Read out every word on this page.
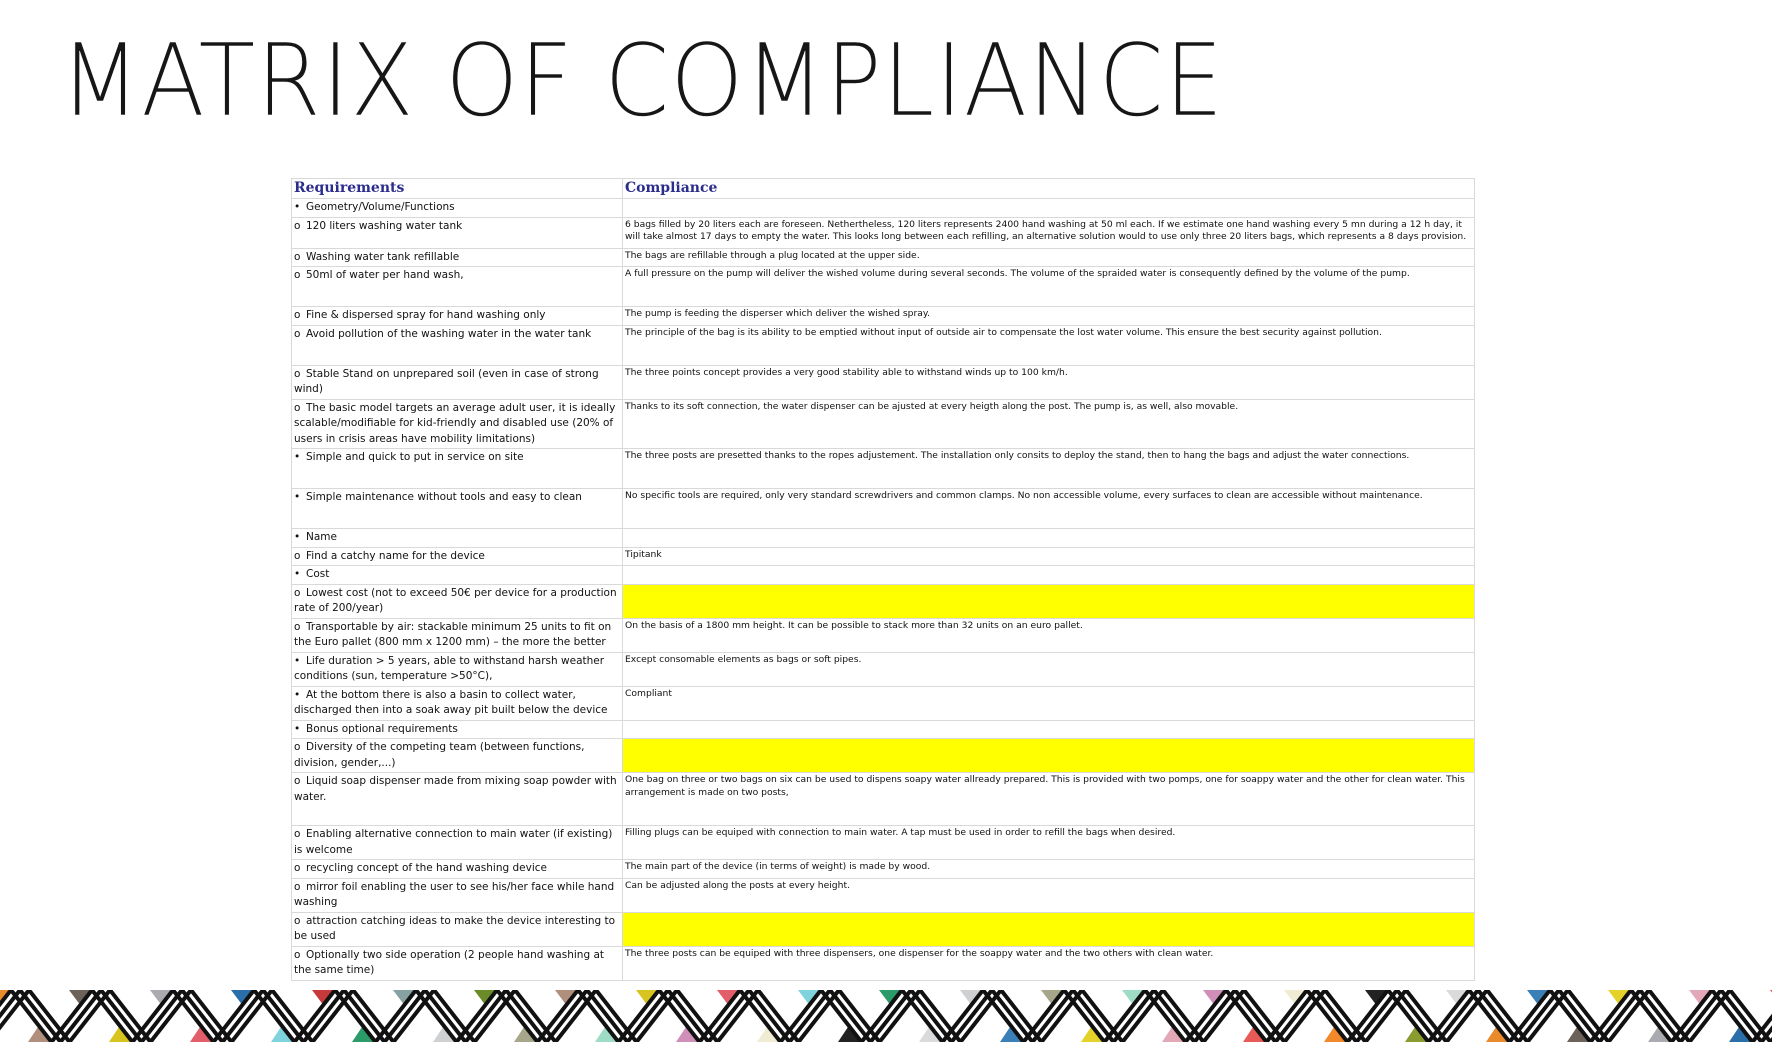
MATRIX OF COMPLIANCE
Requirements	Compliance
• Geometry/Volume/Functions	
o 120 liters washing water tank	6 bags filled by 20 liters each are foreseen. Nethertheless, 120 liters represents 2400 hand washing at 50 ml each. If we estimate one hand washing every 5 mn during a 12 h day, it will take almost 17 days to empty the water. This looks long between each refilling, an alternative solution would to use only three 20 liters bags, which represents a 8 days provision.
o Washing water tank refillable	The bags are refillable through a plug located at the upper side.
o 50ml of water per hand wash,	A full pressure on the pump will deliver the wished volume during several seconds. The volume of the spraided water is consequently defined by the volume of the pump.
o Fine & dispersed spray for hand washing only	The pump is feeding the disperser which deliver the wished spray.
o Avoid pollution of the washing water in the water tank	The principle of the bag is its ability to be emptied without input of outside air to compensate the lost water volume. This ensure the best security against pollution.
o Stable Stand on unprepared soil (even in case of strong wind)	The three points concept provides a very good stability able to withstand winds up to 100 km/h.
o The basic model targets an average adult user, it is ideally scalable/modifiable for kid-friendly and disabled use (20% of users in crisis areas have mobility limitations)	Thanks to its soft connection, the water dispenser can be ajusted at every heigth along the post. The pump is, as well, also movable.
• Simple and quick to put in service on site	The three posts are presetted thanks to the ropes adjustement. The installation only consits to deploy the stand, then to hang the bags and adjust the water connections.
• Simple maintenance without tools and easy to clean	No specific tools are required, only very standard screwdrivers and common clamps. No non accessible volume, every surfaces to clean are accessible without maintenance.
• Name	
o Find a catchy name for the device	Tipitank
• Cost	
o Lowest cost (not to exceed 50€ per device for a production rate of 200/year)	
o Transportable by air: stackable minimum 25 units to fit on the Euro pallet (800 mm x 1200 mm) – the more the better	On the basis of a 1800 mm height. It can be possible to stack more than 32 units on an euro pallet.
• Life duration > 5 years, able to withstand harsh weather conditions (sun, temperature >50°C),	Except consomable elements as bags or soft pipes.
• At the bottom there is also a basin to collect water, discharged then into a soak away pit built below the device	Compliant
• Bonus optional requirements	
o Diversity of the competing team (between functions, division, gender,...)	
o Liquid soap dispenser made from mixing soap powder with water.	One bag on three or two bags on six can be used to dispens soapy water allready prepared. This is provided with two pomps, one for soappy water and the other for clean water. This arrangement is made on two posts,
o Enabling alternative connection to main water (if existing) is welcome	Filling plugs can be equiped with connection to main water. A tap must be used in order to refill the bags when desired.
o recycling concept of the hand washing device	The main part of the device (in terms of weight) is made by wood.
o mirror foil enabling the user to see his/her face while hand washing	Can be adjusted along the posts at every height.
o attraction catching ideas to make the device interesting to be used	
o Optionally two side operation (2 people hand washing at the same time)	The three posts can be equiped with three dispensers, one dispenser for the soappy water and the two others with clean water.
